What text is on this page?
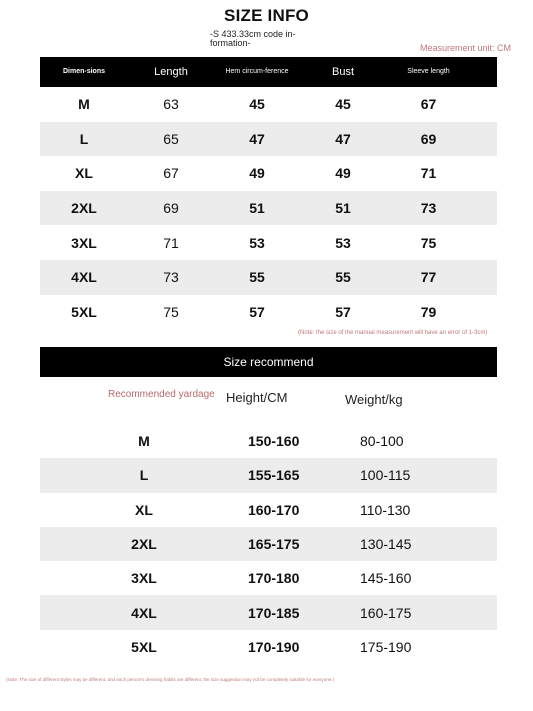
SIZE INFO
-S 433.33cm code in-formation-	Measurement unit: CM
Dimen-sions	Length	Hem circum-ference	Bust	Sleeve length
M	63	45	45	67
L	65	47	47	69
XL	67	49	49	71
2XL	69	51	51	73
3XL	71	53	53	75
4XL	73	55	55	77
5XL	75	57	57	79
(Note: the size of the manual measurement will have an error of 1-3cm)
Size recommend
Recommended yardage Height/CM	Weight/kg
M	150-160	80-100
L	155-165	100-115
XL	160-170	110-130
2XL	165-175	130-145
3XL	170-180	145-160
4XL	170-185	160-175
5XL	170-190	175-190
(Note: The size of different styles may be different, and each person's dressing habits are different, the size suggestion may not be completely suitable for everyone.)
